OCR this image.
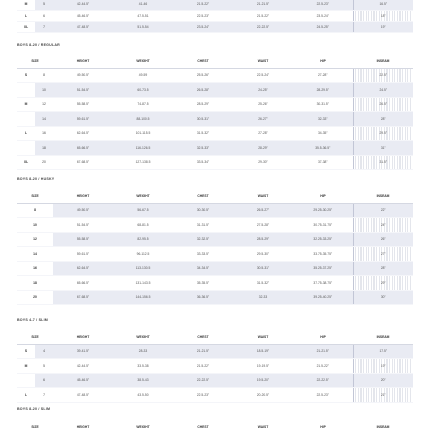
M	5	42-44.5"	41-46	21.5-22"	21-21.5"	22.5-23"	16.5"
L	6	45-46.5"	47.5-51	22.5-23"	21.5-22"	23.5-24"	18"
XL	7	47-48.5"	51.5-54	23.5-24"	22-22.5"	24.5-25"	19"
BOYS 8-20 / REGULAR
SIZE		HEIGHT	WEIGHT	CHEST	WAIST	HIP	INSEAM
S	8	49-50.5"	49-59	25.5-26"	22.5-24"	27-28"	22.5"
	10	51-54.5"	60-73.5	26.5-28"	24-25"	28-29.5"	24.5"
M	12	55-58.5"	74-87.5	28.5-29"	25-26"	30-31.5"	26.5"
	14	59-61.5"	88-100.5	30.5-31"	26-27"	32-33"	28"
L	16	62-64.5"	101-115.5	31.5-32"	27-28"	34-35"	29.5"
	18	65-66.5"	116-126.5	32.5-33"	28-29"	35.5-36.5"	31"
XL	20	67-68.5"	127-138.5	33.5-34"	29-30"	37-38"	31.5"
BOYS 8-20 / HUSKY
SIZE	HEIGHT	WEIGHT	CHEST	WAIST	HIP	INSEAM
8	49-50.5"	56-67.5	30-30.5"	26.5-27"	29.25-30.25"	22"
10	51-54.5"	68-81.5	31-31.5"	27.5-28"	30.75-31.75"	24"
12	55-58.5"	82-95.5	32-32.5"	28.5-29"	32.25-33.25"	26"
14	59-61.5"	96-112.5	33-33.5"	29.5-30"	33.75-35.75"	27"
16	62-64.5"	113-130.5	34-34.5"	30.5-31"	35.25-37.25"	28"
18	65-66.5"	131-143.5	35-35.5"	31.5-32"	37.75-38.75"	29"
20	67-68.5"	144-156.5	36-36.5"	32-33	39.25-40.25"	30"
BOYS 4-7 / SLIM
SIZE		HEIGHT	WEIGHT	CHEST	WAIST	HIP	INSEAM
S	4	39-41.5"	28-33	21-21.5"	18.5-19"	21-21.5"	17.5"
M	5	42-44.5"	33.5-38	21.5-22"	19-19.5"	21.5-22"	19"
	6	45-46.5"	38.5-43	22-22.5"	19.5-20"	22-22.5"	20"
L	7	47-48.5"	43.5-50	22.5-23"	20-20.5"	22.5-23"	21"
BOYS 8-20 / SLIM
SIZE	HEIGHT	WEIGHT	CHEST	WAIST	HIP	INSEAM
